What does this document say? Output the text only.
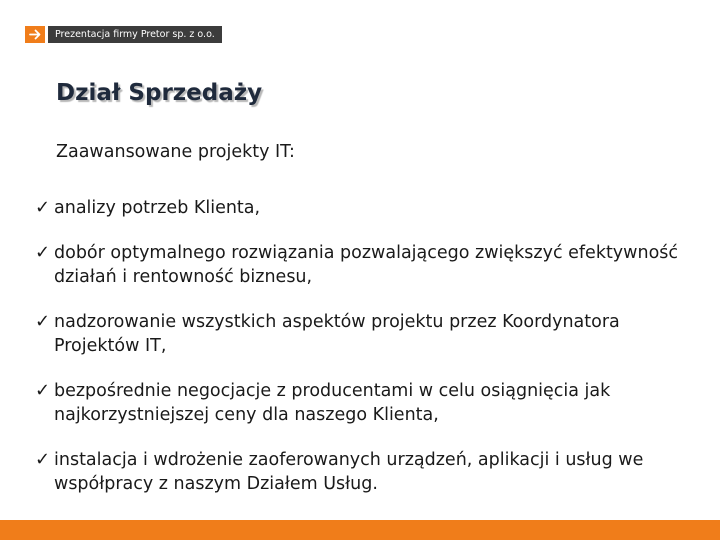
Prezentacja firmy Pretor sp. z o.o.
Dział Sprzedaży

Zaawansowane projekty IT:

✓ analizy potrzeb Klienta,
✓ dobór optymalnego rozwiązania pozwalającego zwiększyć efektywność działań i rentowność biznesu,
✓ nadzorowanie wszystkich aspektów projektu przez Koordynatora Projektów IT,
✓ bezpośrednie negocjacje z producentami w celu osiągnięcia jak najkorzystniejszej ceny dla naszego Klienta,
✓ instalacja i wdrożenie zaoferowanych urządzeń, aplikacji i usług we współpracy z naszym Działem Usług.
